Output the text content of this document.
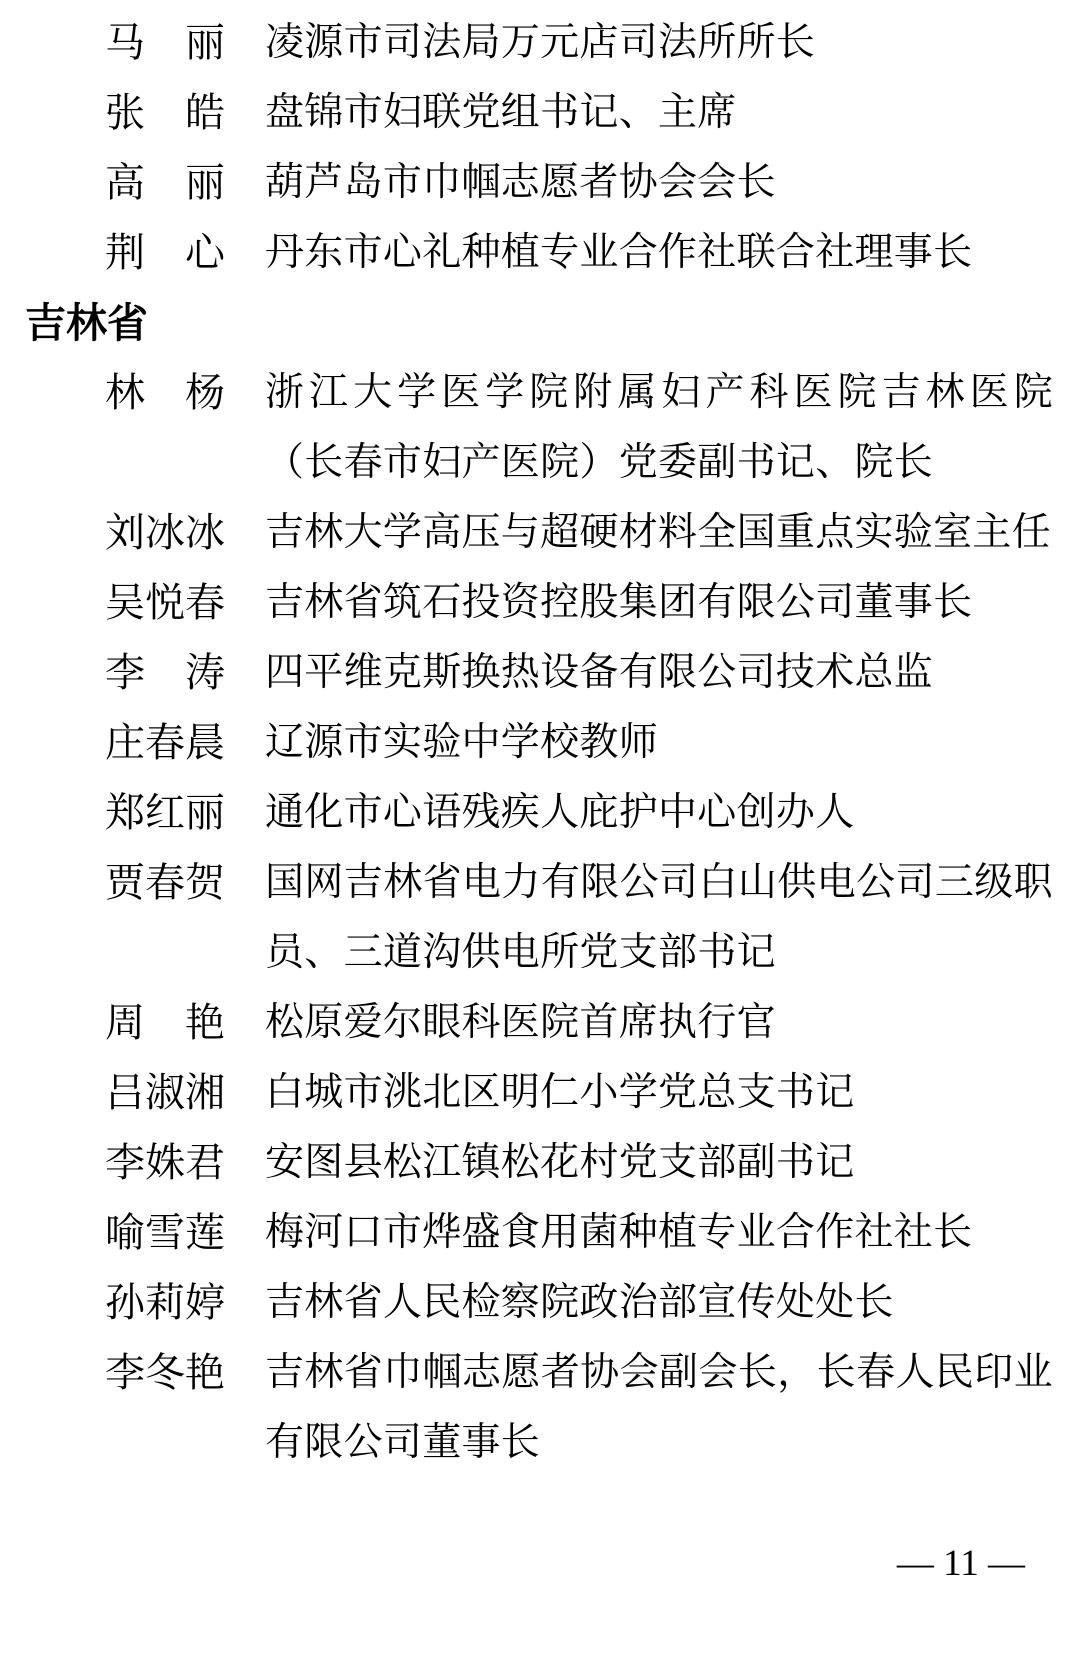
马　丽 凌源市司法局万元店司法所所长
张　皓 盘锦市妇联党组书记、主席
高　丽 葫芦岛市巾帼志愿者协会会长
荆　心 丹东市心礼种植专业合作社联合社理事长
吉林省
林　杨 浙江大学医学院附属妇产科医院吉林医院
（长春市妇产医院）党委副书记、院长
刘冰冰 吉林大学高压与超硬材料全国重点实验室主任
吴悦春 吉林省筑石投资控股集团有限公司董事长
李　涛 四平维克斯换热设备有限公司技术总监
庄春晨 辽源市实验中学校教师
郑红丽 通化市心语残疾人庇护中心创办人
贾春贺 国网吉林省电力有限公司白山供电公司三级职
员、三道沟供电所党支部书记
周　艳 松原爱尔眼科医院首席执行官
吕淑湘 白城市洮北区明仁小学党总支书记
李姝君 安图县松江镇松花村党支部副书记
喻雪莲 梅河口市烨盛食用菌种植专业合作社社长
孙莉婷 吉林省人民检察院政治部宣传处处长
李冬艳 吉林省巾帼志愿者协会副会长，长春人民印业
有限公司董事长
— 11 —
